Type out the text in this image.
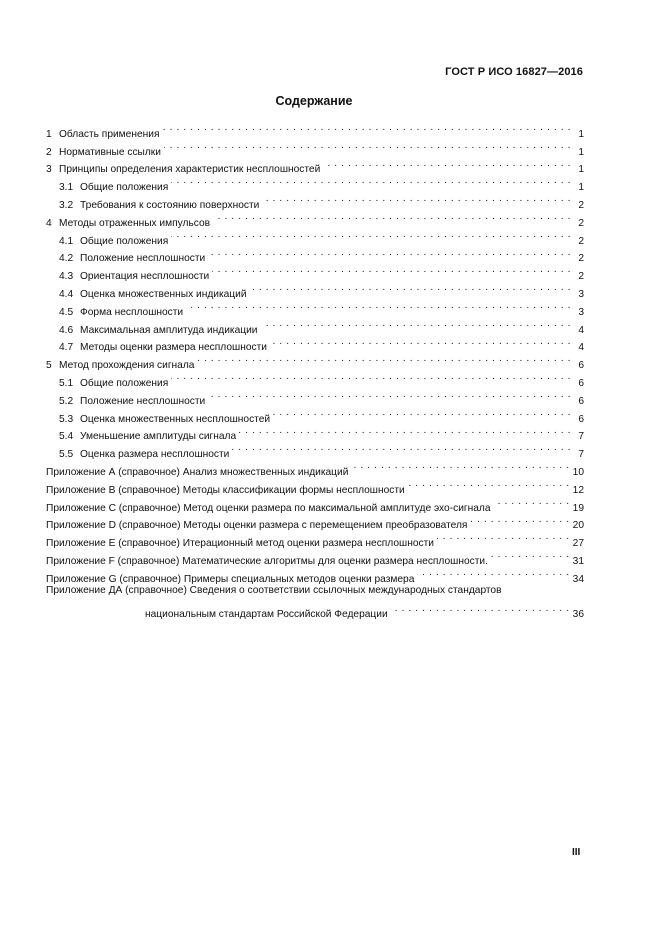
ГОСТ Р ИСО 16827—2016
Содержание
1 Область применения . . .	1
2 Нормативные ссылки . . .	1
3 Принципы определения характеристик несплошностей . . .	1
3.1 Общие положения . . .	1
3.2 Требования к состоянию поверхности . . .	2
4 Методы отраженных импульсов . . .	2
4.1 Общие положения . . .	2
4.2 Положение несплошности . . .	2
4.3 Ориентация несплошности . . .	2
4.4 Оценка множественных индикаций . . .	3
4.5 Форма несплошности . . .	3
4.6 Максимальная амплитуда индикации . . .	4
4.7 Методы оценки размера несплошности . . .	4
5 Метод прохождения сигнала . . .	6
5.1 Общие положения . . .	6
5.2 Положение несплошности . . .	6
5.3 Оценка множественных несплошностей . . .	6
5.4 Уменьшение амплитуды сигнала . . .	7
5.5 Оценка размера несплошности . . .	7
Приложение А (справочное) Анализ множественных индикаций . . .	10
Приложение В (справочное) Методы классификации формы несплошности . . .	12
Приложение С (справочное) Метод оценки размера по максимальной амплитуде эхо-сигнала . . .	19
Приложение D (справочное) Методы оценки размера с перемещением преобразователя . . .	20
Приложение Е (справочное) Итерационный метод оценки размера несплошности . . .	27
Приложение F (справочное) Математические алгоритмы для оценки размера несплошности. . . .	31
Приложение G (справочное) Примеры специальных методов оценки размера . . .	34
Приложение ДА (справочное) Сведения о соответствии ссылочных международных стандартов
национальным стандартам Российской Федерации . . .	36
III
